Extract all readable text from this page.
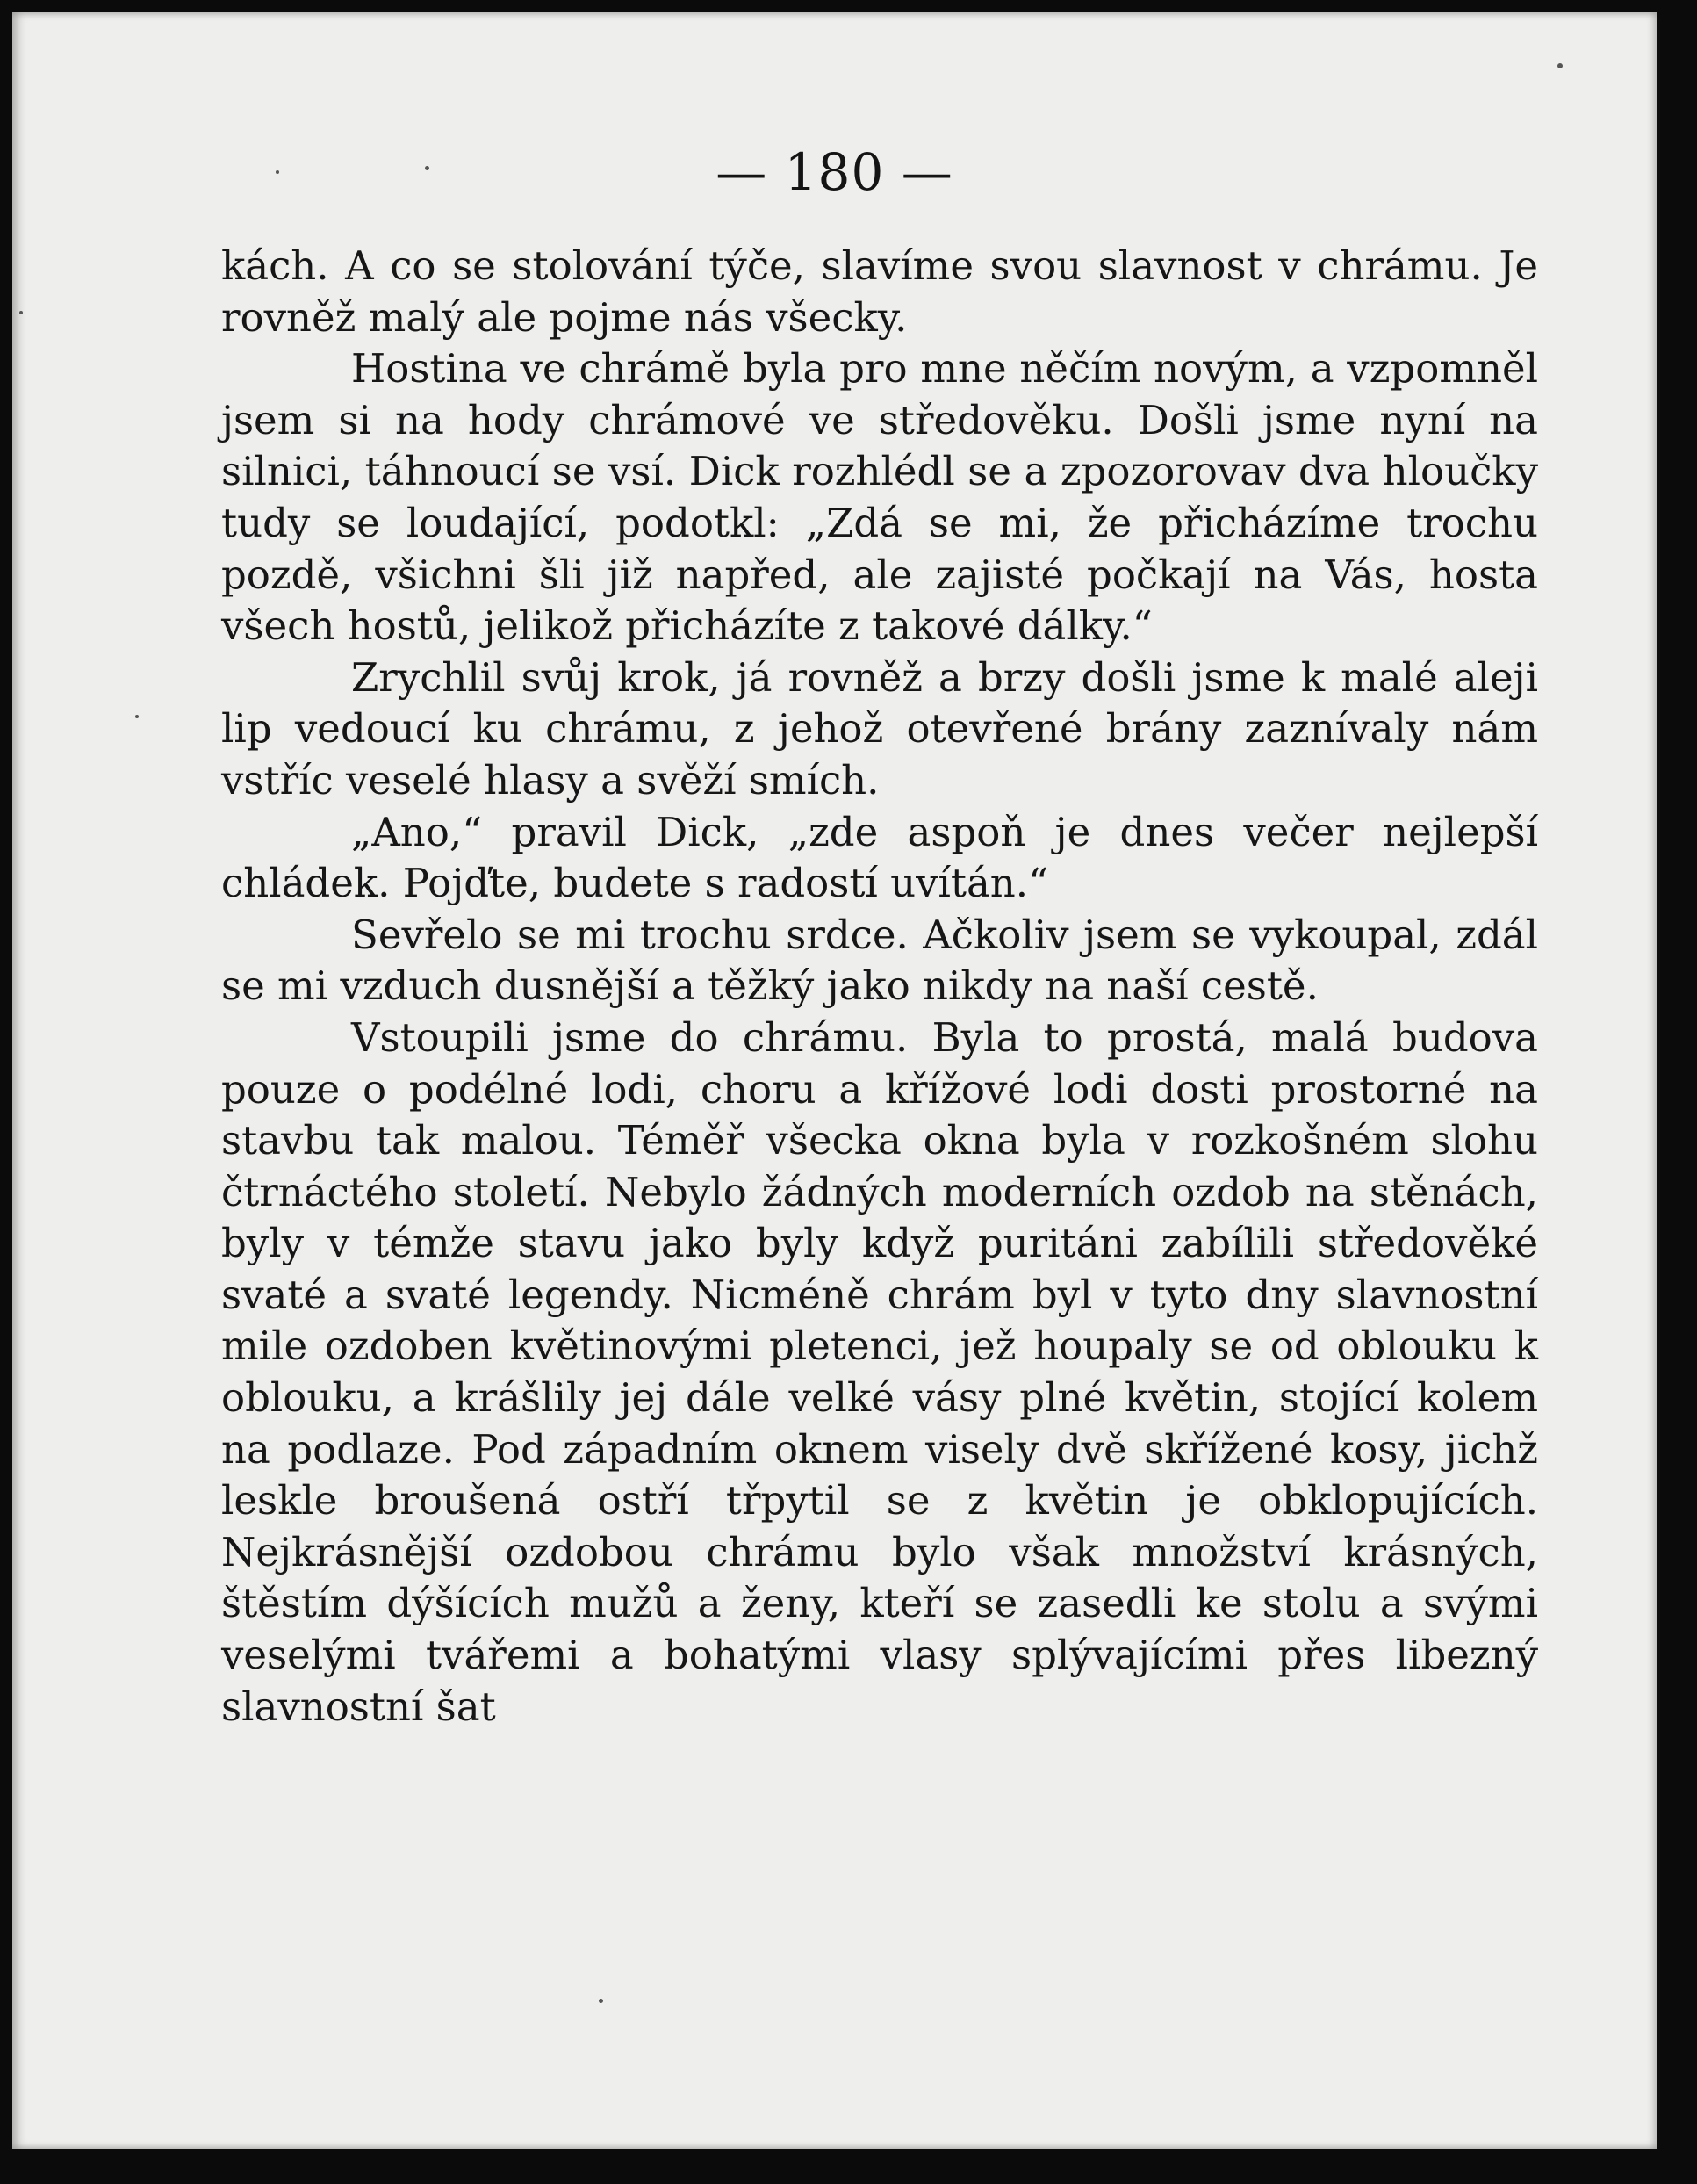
— 180 —

kách. A co se stolování týče, slavíme svou slavnost v chrámu. Je rovněž malý ale pojme nás všecky.

Hostina ve chrámě byla pro mne něčím novým, a vzpomněl jsem si na hody chrámové ve středověku. Došli jsme nyní na silnici, táhnoucí se vsí. Dick rozhlédl se a zpozorovav dva hloučky tudy se loudající, podotkl: „Zdá se mi, že přicházíme trochu pozdě, všichni šli již napřed, ale zajisté počkají na Vás, hosta všech hostů, jelikož přicházíte z takové dálky.“

Zrychlil svůj krok, já rovněž a brzy došli jsme k malé aleji lip vedoucí ku chrámu, z jehož otevřené brány zaznívaly nám vstříc veselé hlasy a svěží smích.

„Ano,“ pravil Dick, „zde aspoň je dnes večer nejlepší chládek. Pojďte, budete s radostí uvítán.“

Sevřelo se mi trochu srdce. Ačkoliv jsem se vykoupal, zdál se mi vzduch dusnější a těžký jako nikdy na naší cestě.

Vstoupili jsme do chrámu. Byla to prostá, malá budova pouze o podélné lodi, choru a křížové lodi dosti prostorné na stavbu tak malou. Téměř všecka okna byla v rozkošném slohu čtrnáctého století. Nebylo žádných moderních ozdob na stěnách, byly v témže stavu jako byly když puritáni zabílili středověké svaté a svaté legendy. Nicméně chrám byl v tyto dny slavnostní mile ozdoben květinovými pletenci, jež houpaly se od oblouku k oblouku, a krášlily jej dále velké vásy plné květin, stojící kolem na podlaze. Pod západním oknem visely dvě skřížené kosy, jichž leskle broušená ostří třpytil se z květin je obklopujících. Nejkrásnější ozdobou chrámu bylo však množství krásných, štěstím dýšících mužů a ženy, kteří se zasedli ke stolu a svými veselými tvářemi a bohatými vlasy splývajícími přes libezný slavnostní šat
